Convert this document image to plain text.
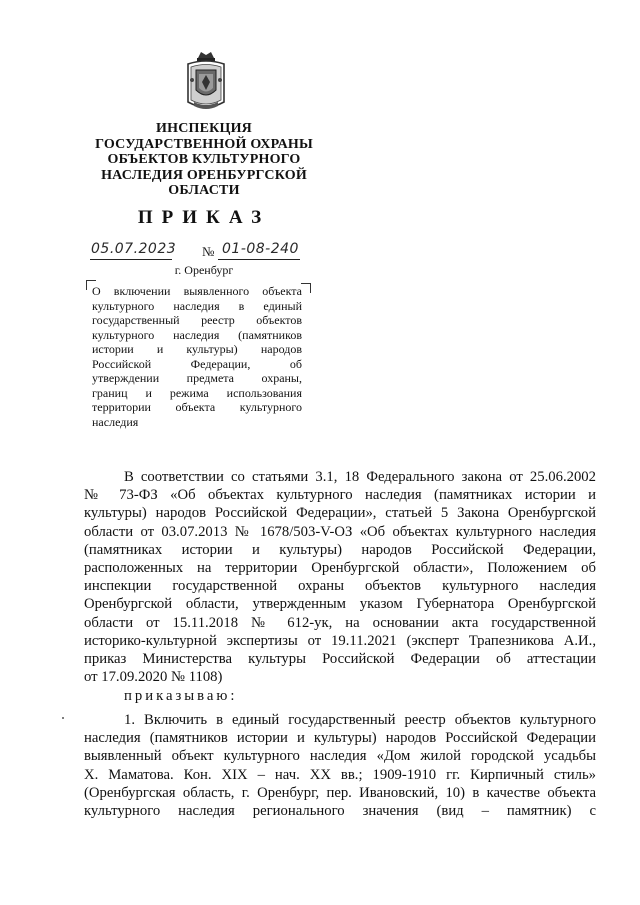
ИНСПЕКЦИЯ
ГОСУДАРСТВЕННОЙ ОХРАНЫ
ОБЪЕКТОВ КУЛЬТУРНОГО
НАСЛЕДИЯ ОРЕНБУРГСКОЙ
ОБЛАСТИ
ПРИКАЗ
05.07.2023 № 01-08-240
г. Оренбург
О включении выявленного объекта
культурного наследия в единый
государственный реестр объектов
культурного наследия (памятников
истории и культуры) народов
Российской Федерации, об
утверждении предмета охраны,
границ и режима использования
территории объекта культурного
наследия
В соответствии со статьями 3.1, 18 Федерального закона от 25.06.2002
№ 73-ФЗ «Об объектах культурного наследия (памятниках истории и
культуры) народов Российской Федерации», статьей 5 Закона Оренбургской
области от 03.07.2013 № 1678/503-V-ОЗ «Об объектах культурного наследия
(памятниках истории и культуры) народов Российской Федерации,
расположенных на территории Оренбургской области», Положением об
инспекции государственной охраны объектов культурного наследия
Оренбургской области, утвержденным указом Губернатора Оренбургской
области от 15.11.2018 № 612-ук, на основании акта государственной
историко-культурной экспертизы от 19.11.2021 (эксперт Трапезникова А.И.,
приказ Министерства культуры Российской Федерации об аттестации
от 17.09.2020 № 1108)
приказываю:
1. Включить в единый государственный реестр объектов культурного
наследия (памятников истории и культуры) народов Российской Федерации
выявленный объект культурного наследия «Дом жилой городской усадьбы
Х. Маматова. Кон. XIX – нач. XX вв.; 1909-1910 гг. Кирпичный стиль»
(Оренбургская область, г. Оренбург, пер. Ивановский, 10) в качестве объекта
культурного наследия регионального значения (вид – памятник) с
